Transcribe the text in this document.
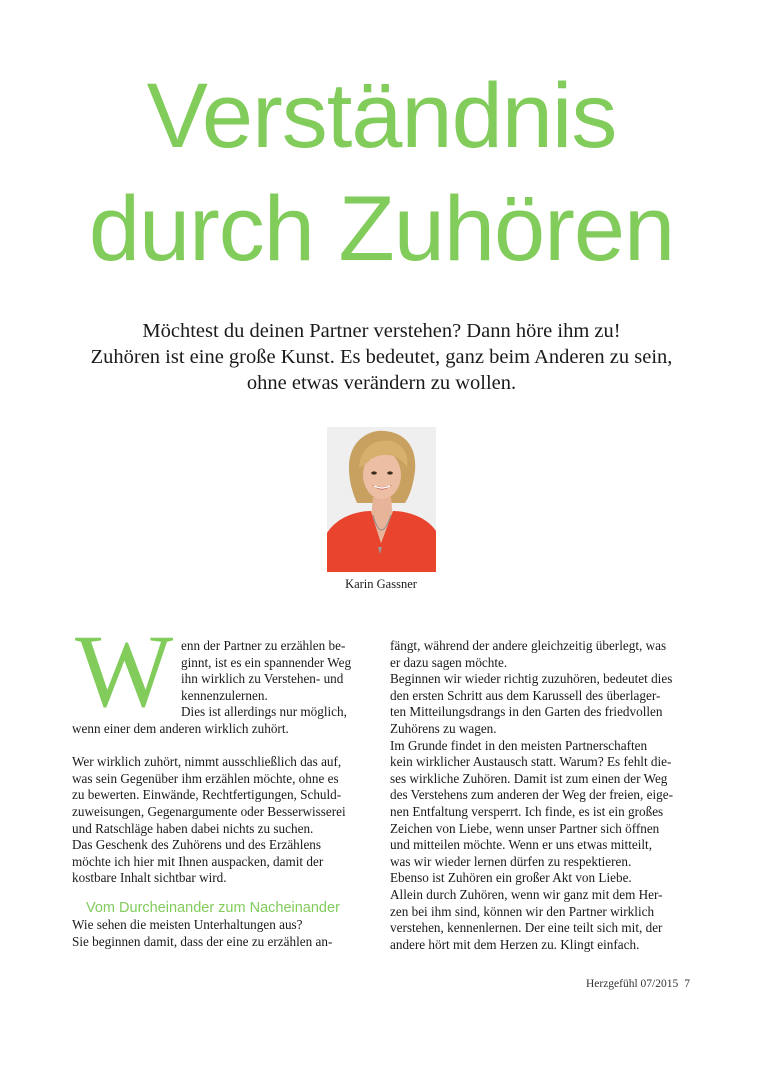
Verständnis
durch Zuhören

Möchtest du deinen Partner verstehen? Dann höre ihm zu!
Zuhören ist eine große Kunst. Es bedeutet, ganz beim Anderen zu sein,
ohne etwas verändern zu wollen.

Karin Gassner
W enn der Partner zu erzählen be-
ginnt, ist es ein spannender Weg
ihn wirklich zu Verstehen- und
kennenzulernen.
Dies ist allerdings nur möglich,
wenn einer dem anderen wirklich zuhört.
Wer wirklich zuhört, nimmt ausschließlich das auf,
was sein Gegenüber ihm erzählen möchte, ohne es
zu bewerten. Einwände, Rechtfertigungen, Schuld-
zuweisungen, Gegenargumente oder Besserwisserei
und Ratschläge haben dabei nichts zu suchen.
Das Geschenk des Zuhörens und des Erzählens
möchte ich hier mit Ihnen auspacken, damit der
kostbare Inhalt sichtbar wird.
Vom Durcheinander zum Nacheinander
Wie sehen die meisten Unterhaltungen aus?
Sie beginnen damit, dass der eine zu erzählen an-
fängt, während der andere gleichzeitig überlegt, was
er dazu sagen möchte.
Beginnen wir wieder richtig zuzuhören, bedeutet dies
den ersten Schritt aus dem Karussell des überlager-
ten Mitteilungsdrangs in den Garten des friedvollen
Zuhörens zu wagen.
Im Grunde findet in den meisten Partnerschaften
kein wirklicher Austausch statt. Warum? Es fehlt die-
ses wirkliche Zuhören. Damit ist zum einen der Weg
des Verstehens zum anderen der Weg der freien, eige-
nen Entfaltung versperrt. Ich finde, es ist ein großes
Zeichen von Liebe, wenn unser Partner sich öffnen
und mitteilen möchte. Wenn er uns etwas mitteilt,
was wir wieder lernen dürfen zu respektieren.
Ebenso ist Zuhören ein großer Akt von Liebe.
Allein durch Zuhören, wenn wir ganz mit dem Her-
zen bei ihm sind, können wir den Partner wirklich
verstehen, kennenlernen. Der eine teilt sich mit, der
andere hört mit dem Herzen zu. Klingt einfach.
Herzgefühl 07/2015 7
